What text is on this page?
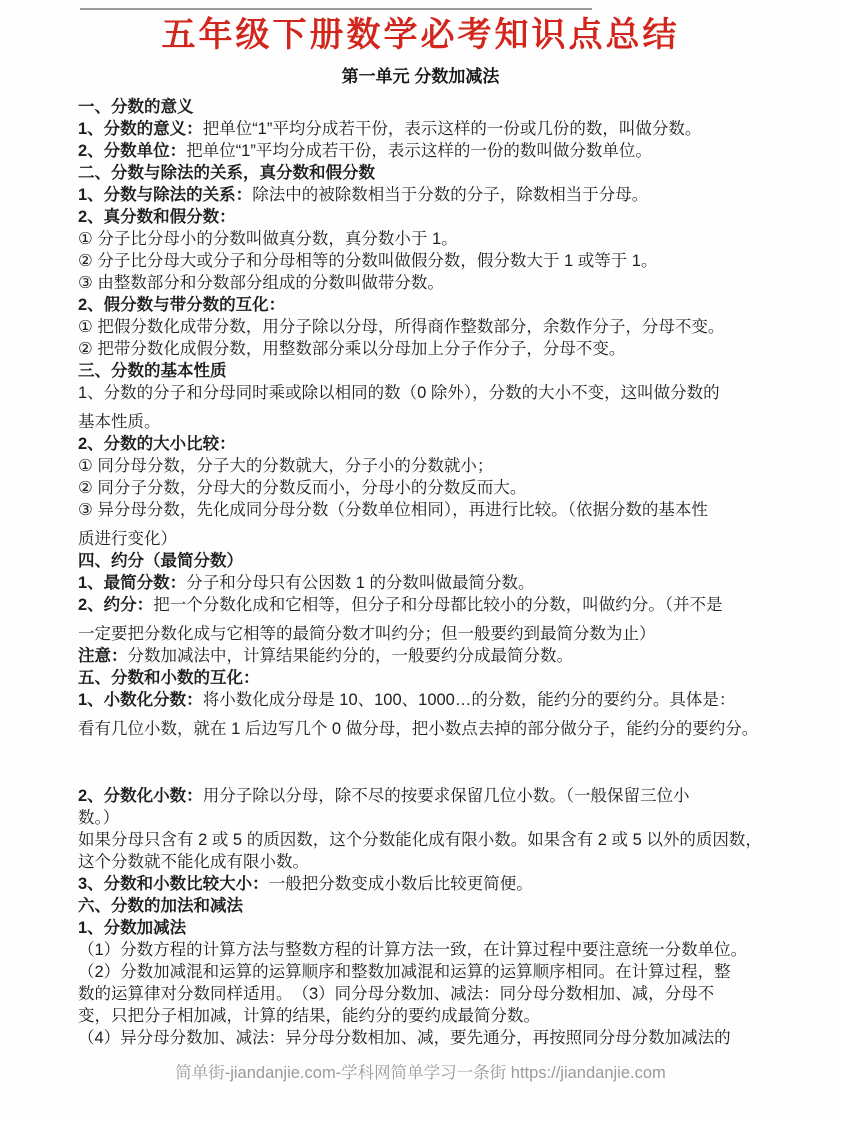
五年级下册数学必考知识点总结
第一单元 分数加减法
一、分数的意义
1、分数的意义：把单位“1”平均分成若干份，表示这样的一份或几份的数，叫做分数。
2、分数单位：把单位“1”平均分成若干份，表示这样的一份的数叫做分数单位。
二、分数与除法的关系，真分数和假分数
1、分数与除法的关系：除法中的被除数相当于分数的分子，除数相当于分母。
2、真分数和假分数：
① 分子比分母小的分数叫做真分数，真分数小于 1。
② 分子比分母大或分子和分母相等的分数叫做假分数，假分数大于 1 或等于 1。
③ 由整数部分和分数部分组成的分数叫做带分数。
2、假分数与带分数的互化：
① 把假分数化成带分数，用分子除以分母，所得商作整数部分，余数作分子，分母不变。
② 把带分数化成假分数，用整数部分乘以分母加上分子作分子，分母不变。
三、分数的基本性质
1、分数的分子和分母同时乘或除以相同的数（0 除外），分数的大小不变，这叫做分数的
基本性质。
2、分数的大小比较：
① 同分母分数，分子大的分数就大，分子小的分数就小；
② 同分子分数，分母大的分数反而小，分母小的分数反而大。
③ 异分母分数，先化成同分母分数（分数单位相同），再进行比较。（依据分数的基本性
质进行变化）
四、约分（最简分数）
1、最简分数：分子和分母只有公因数 1 的分数叫做最简分数。
2、约分：把一个分数化成和它相等，但分子和分母都比较小的分数，叫做约分。（并不是
一定要把分数化成与它相等的最简分数才叫约分；但一般要约到最简分数为止）
注意：分数加减法中，计算结果能约分的，一般要约分成最简分数。
五、分数和小数的互化：
1、小数化分数：将小数化成分母是 10、100、1000…的分数，能约分的要约分。具体是：
看有几位小数，就在 1 后边写几个 0 做分母，把小数点去掉的部分做分子，能约分的要约分。
2、分数化小数：用分子除以分母，除不尽的按要求保留几位小数。（一般保留三位小
数。）
如果分母只含有 2 或 5 的质因数，这个分数能化成有限小数。如果含有 2 或 5 以外的质因数，
这个分数就不能化成有限小数。
3、分数和小数比较大小：一般把分数变成小数后比较更简便。
六、分数的加法和减法
1、分数加减法
（1）分数方程的计算方法与整数方程的计算方法一致，在计算过程中要注意统一分数单位。
（2）分数加减混和运算的运算顺序和整数加减混和运算的运算顺序相同。在计算过程，整
数的运算律对分数同样适用。　（3）同分母分数加、减法：同分母分数相加、减，分母不
变，只把分子相加减，计算的结果，能约分的要约成最简分数。
（4）异分母分数加、减法：异分母分数相加、减，要先通分，再按照同分母分数加减法的
简单街-jiandanjie.com-学科网简单学习一条街 https://jiandanjie.com
